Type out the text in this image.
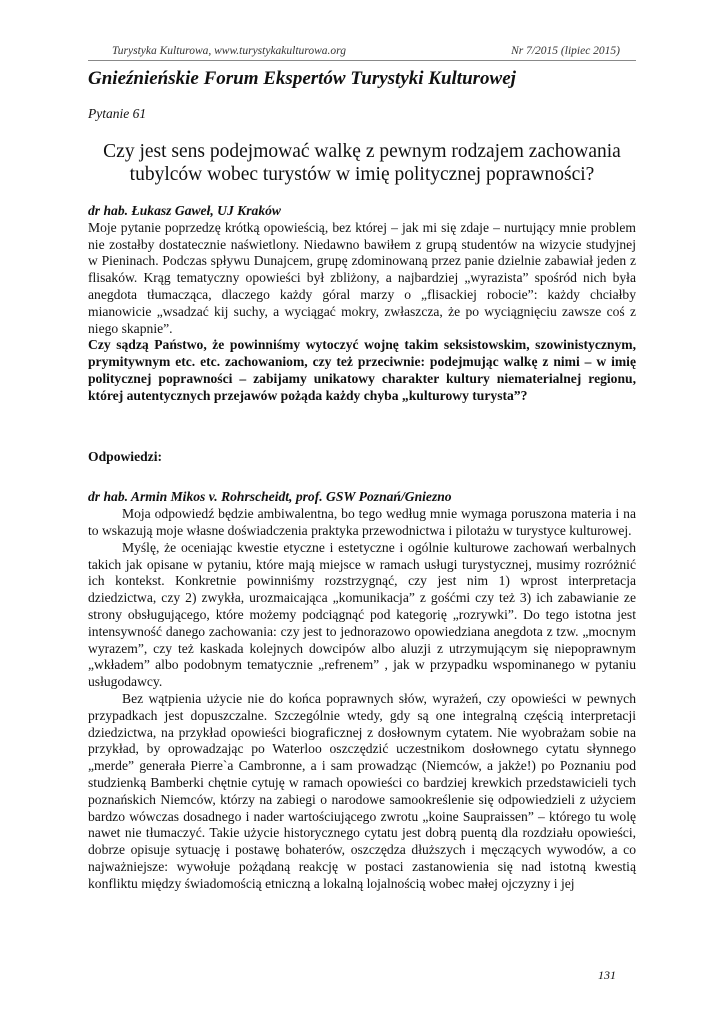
Turystyka Kulturowa, www.turystykakulturowa.org	Nr 7/2015 (lipiec 2015)
Gnieźnieńskie Forum Ekspertów Turystyki Kulturowej
Pytanie 61
Czy jest sens podejmować walkę z pewnym rodzajem zachowania tubylców wobec turystów w imię politycznej poprawności?

dr hab. Łukasz Gaweł, UJ Kraków

Moje pytanie poprzedzę krótką opowieścią, bez której – jak mi się zdaje – nurtujący mnie problem nie zostałby dostatecznie naświetlony. Niedawno bawiłem z grupą studentów na wizycie studyjnej w Pieninach. Podczas spływu Dunajcem, grupę zdominowaną przez panie dzielnie zabawiał jeden z flisaków. Krąg tematyczny opowieści był zbliżony, a najbardziej „wyrazista” spośród nich była anegdota tłumacząca, dlaczego każdy góral marzy o „flisackiej robocie”: każdy chciałby mianowicie „wsadzać kij suchy, a wyciągać mokry, zwłaszcza, że po wyciągnięciu zawsze coś z niego skapnie”.

Czy sądzą Państwo, że powinniśmy wytoczyć wojnę takim seksistowskim, szowinistycznym, prymitywnym etc. etc. zachowaniom, czy też przeciwnie: podejmując walkę z nimi – w imię politycznej poprawności – zabijamy unikatowy charakter kultury niematerialnej regionu, której autentycznych przejawów pożąda każdy chyba „kulturowy turysta”?

Odpowiedzi:

dr hab. Armin Mikos v. Rohrscheidt, prof. GSW Poznań/Gniezno

Moja odpowiedź będzie ambiwalentna, bo tego według mnie wymaga poruszona materia i na to wskazują moje własne doświadczenia praktyka przewodnictwa i pilotażu w turystyce kulturowej.

Myślę, że oceniając kwestie etyczne i estetyczne i ogólnie kulturowe zachowań werbalnych takich jak opisane w pytaniu, które mają miejsce w ramach usługi turystycznej, musimy rozróżnić ich kontekst. Konkretnie powinniśmy rozstrzygnąć, czy jest nim 1) wprost interpretacja dziedzictwa, czy 2) zwykła, urozmaicająca „komunikacja” z gośćmi czy też 3) ich zabawianie ze strony obsługującego, które możemy podciągnąć pod kategorię „rozrywki”. Do tego istotna jest intensywność danego zachowania: czy jest to jednorazowo opowiedziana anegdota z tzw. „mocnym wyrazem”, czy też kaskada kolejnych dowcipów albo aluzji z utrzymującym się niepoprawnym „wkładem” albo podobnym tematycznie „refrenem” , jak w przypadku wspominanego w pytaniu usługodawcy.

Bez wątpienia użycie nie do końca poprawnych słów, wyrażeń, czy opowieści w pewnych przypadkach jest dopuszczalne. Szczególnie wtedy, gdy są one integralną częścią interpretacji dziedzictwa, na przykład opowieści biograficznej z dosłownym cytatem. Nie wyobrażam sobie na przykład, by oprowadzając po Waterloo oszczędzić uczestnikom dosłownego cytatu słynnego „merde” generała Pierre`a Cambronne, a i sam prowadząc (Niemców, a jakże!) po Poznaniu pod studzienką Bamberki chętnie cytuję w ramach opowieści co bardziej krewkich przedstawicieli tych poznańskich Niemców, którzy na zabiegi o narodowe samookreślenie się odpowiedzieli z użyciem bardzo wówczas dosadnego i nader wartościującego zwrotu „koine Saupraissen” – którego tu wolę nawet nie tłumaczyć. Takie użycie historycznego cytatu jest dobrą puentą dla rozdziału opowieści, dobrze opisuje sytuację i postawę bohaterów, oszczędza dłuższych i męczących wywodów, a co najważniejsze: wywołuje pożądaną reakcję w postaci zastanowienia się nad istotną kwestią konfliktu między świadomością etniczną a lokalną lojalnością wobec małej ojczyzny i jej

131
